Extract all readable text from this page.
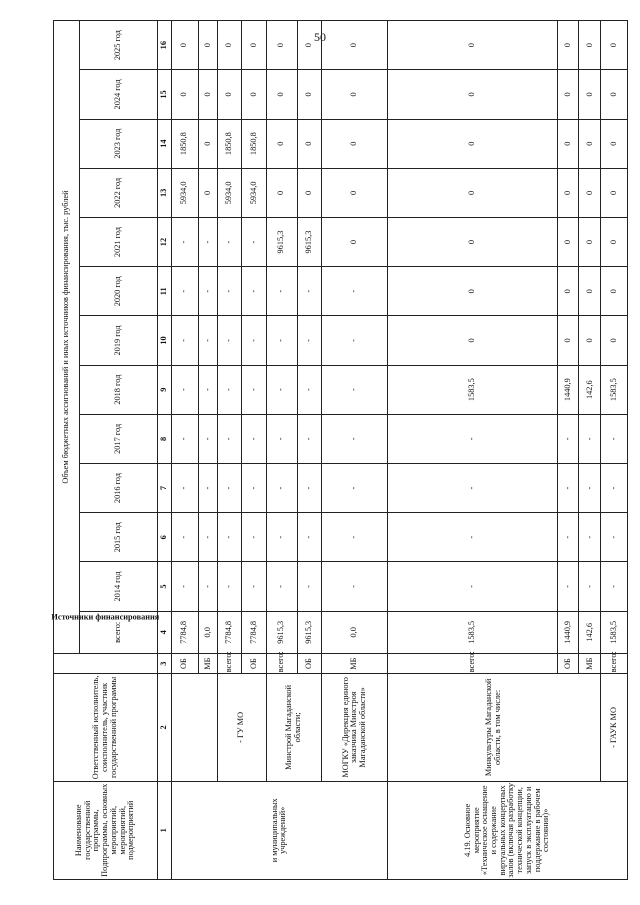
50
Наименование государственной программы, Подпрограммы, основных мероприятий, мероприятий, подмероприятий	Ответственный исполнитель, соисполнитель, участник государственной программы	Источники финансирования	Объем бюджетных ассигнований и иных источников финансирования, тыс. рублей												
			всего:	2014 год	2015 год	2016 год	2017 год	2018 год	2019 год	2020 год	2021 год	2022 год	2023 год	2024 год	2025 год

1	2	3	4	5	6	7	8	9	10	11	12	13	14	15	16
и муниципальных учреждений»		ОБ	7784,8	-	-	-	-	-	-	-	-	5934,0	1850,8	0	0
		МБ	0,0	-	-	-	-	-	-	-	-	0	0	0	0
	- ГУ МО	всего:	7784,8	-	-	-	-	-	-	-	-	5934,0	1850,8	0	0
		ОБ	7784,8	-	-	-	-	-	-	-	-	5934,0	1850,8	0	0
	Минстрой Магаданской области;	всего:	9615,3	-	-	-	-	-	-	-	9615,3	0	0	0	0
		ОБ	9615,3	-	-	-	-	-	-	-	9615,3	0	0	0	0
	МОГКУ «Дирекция единого заказчика Минстроя Магаданской области»	МБ	0,0	-	-	-	-	-	-	-	0	0	0	0	0
4.19. Основное мероприятие «Техническое оснащение и содержание виртуальных концертных залов (включая разработку технической концепции, запуск в эксплуатацию и поддержание в рабочем состоянии)»	Минкультуры Магаданской области, в том числе:	всего:	1583,5	-	-	-	-	1583,5	0	0	0	0	0	0	0
		ОБ	1440,9	-	-	-	-	1440,9	0	0	0	0	0	0	0
		МБ	142,6	-	-	-	-	142,6	0	0	0	0	0	0	0
	- ГАУК МО	всего:	1583,5	-	-	-	-	1583,5	0	0	0	0	0	0	0
